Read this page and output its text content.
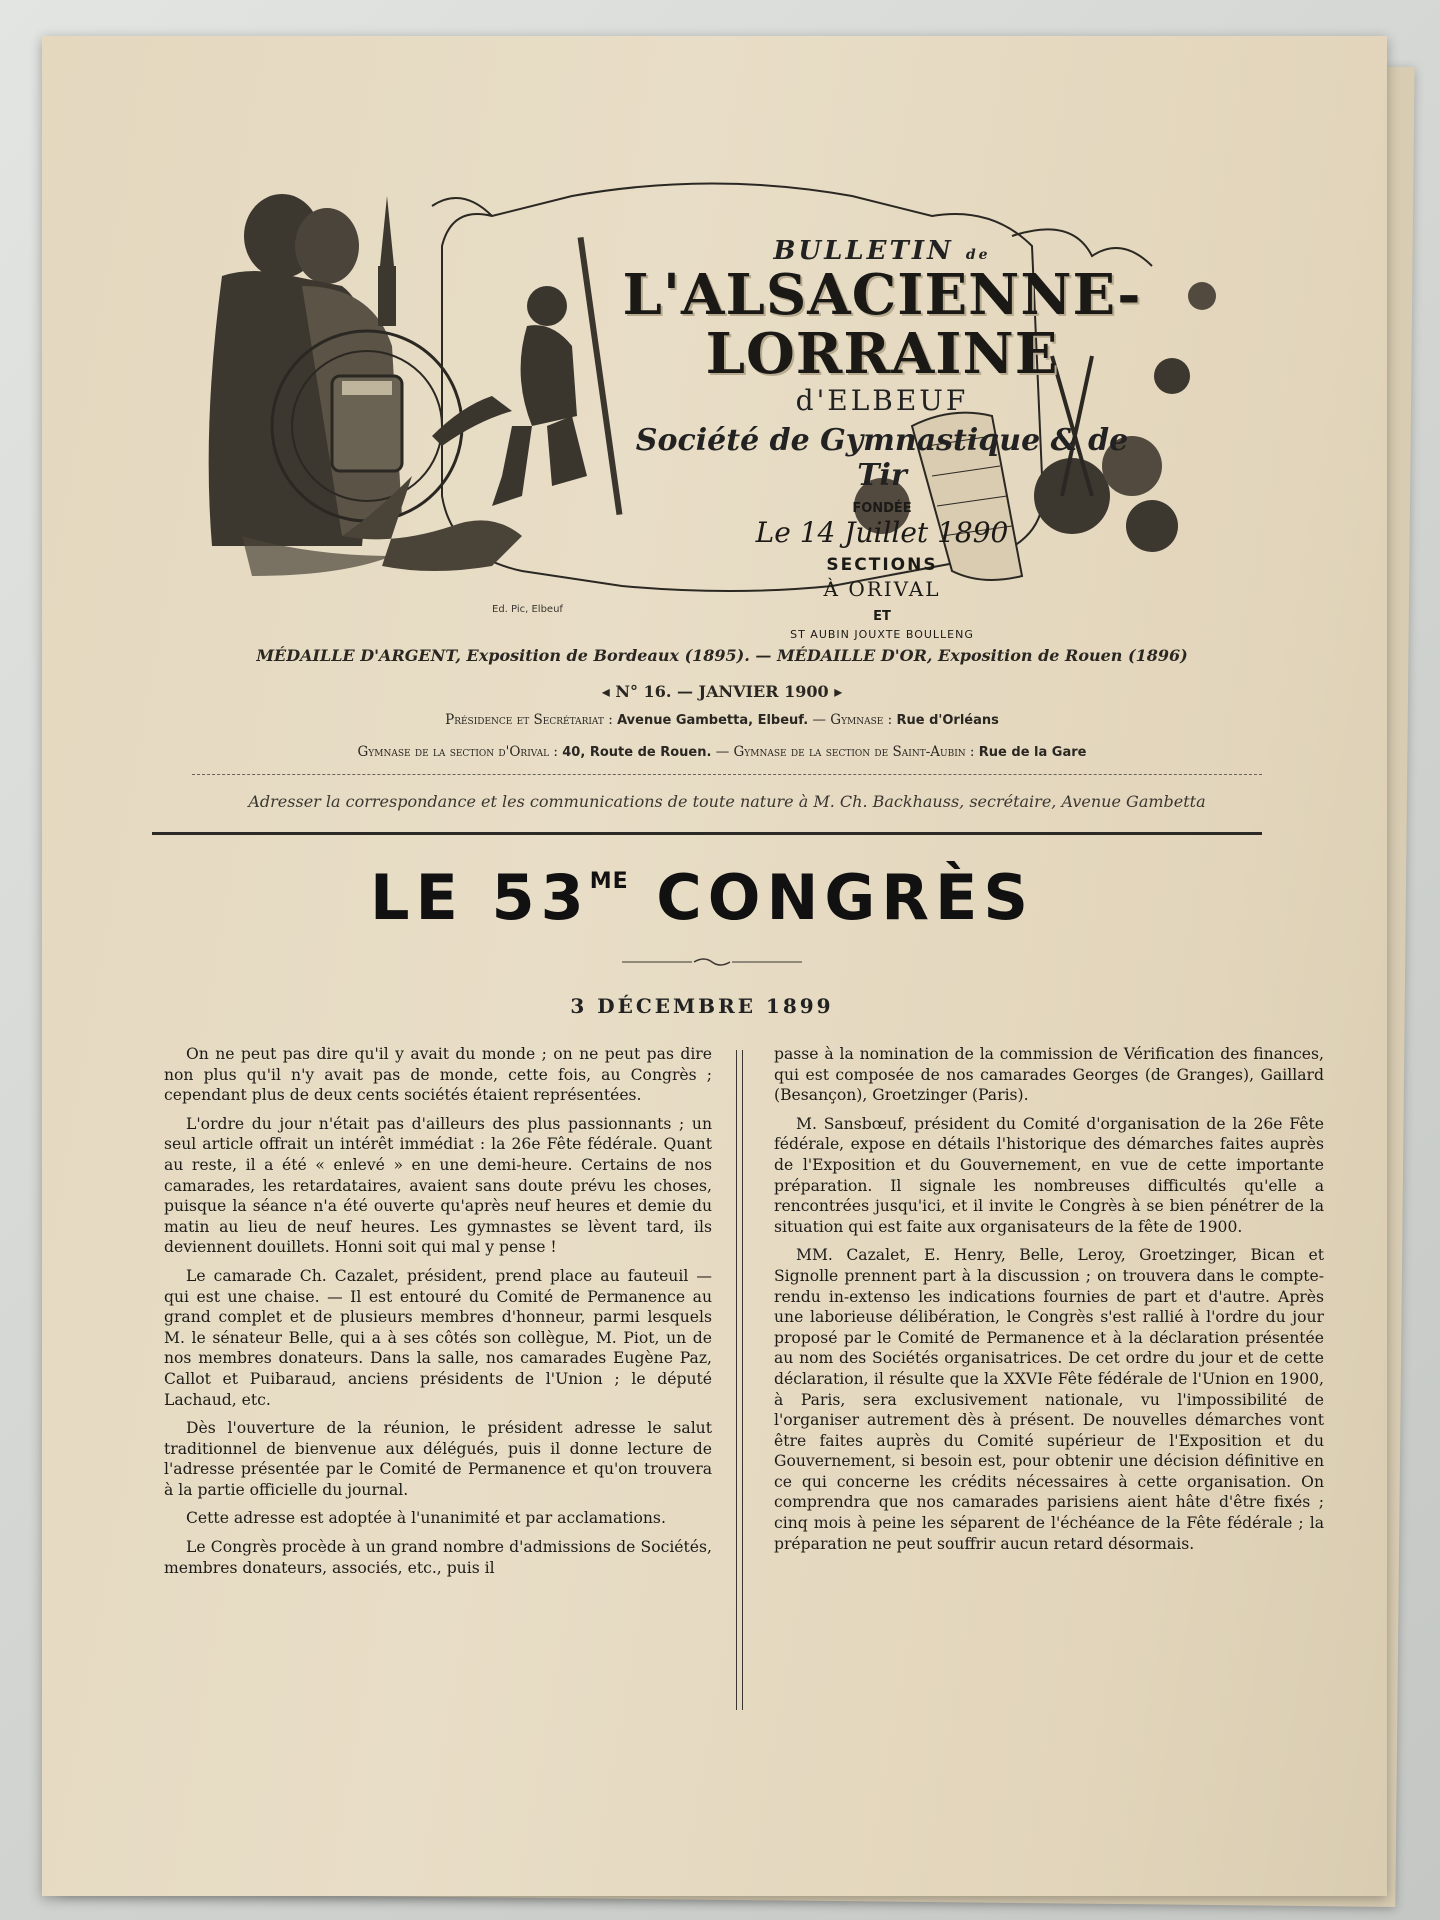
BULLETIN de

L'ALSACIENNE-LORRAINE

d'ELBEUF

Société de Gymnastique & de Tir

FONDÉE

Le 14 Juillet 1890

SECTIONS

À ORIVAL

ET

ST AUBIN JOUXTE BOULLENG

Ed. Pic, Elbeuf
MÉDAILLE D'ARGENT, Exposition de Bordeaux (1895). — MÉDAILLE D'OR, Exposition de Rouen (1896)
◂ N° 16. — JANVIER 1900 ▸
Présidence et Secrétariat : Avenue Gambetta, Elbeuf. — Gymnase : Rue d'Orléans
Gymnase de la section d'Orival : 40, Route de Rouen. — Gymnase de la section de Saint-Aubin : Rue de la Gare
Adresser la correspondance et les communications de toute nature à M. Ch. Backhauss, secrétaire, Avenue Gambetta
LE $53^{ME}$ CONGRÈS
3 DÉCEMBRE 1899

On ne peut pas dire qu'il y avait du monde ; on ne peut pas dire non plus qu'il n'y avait pas de monde, cette fois, au Congrès ; cependant plus de deux cents sociétés étaient représentées.

L'ordre du jour n'était pas d'ailleurs des plus passionnants ; un seul article offrait un intérêt immédiat : la 26e Fête fédérale. Quant au reste, il a été « enlevé » en une demi-heure. Certains de nos camarades, les retardataires, avaient sans doute prévu les choses, puisque la séance n'a été ouverte qu'après neuf heures et demie du matin au lieu de neuf heures. Les gymnastes se lèvent tard, ils deviennent douillets. Honni soit qui mal y pense !

Le camarade Ch. Cazalet, président, prend place au fauteuil — qui est une chaise. — Il est entouré du Comité de Permanence au grand complet et de plusieurs membres d'honneur, parmi lesquels M. le sénateur Belle, qui a à ses côtés son collègue, M. Piot, un de nos membres donateurs. Dans la salle, nos camarades Eugène Paz, Callot et Puibaraud, anciens présidents de l'Union ; le député Lachaud, etc.

Dès l'ouverture de la réunion, le président adresse le salut traditionnel de bienvenue aux délégués, puis il donne lecture de l'adresse présentée par le Comité de Permanence et qu'on trouvera à la partie officielle du journal.

Cette adresse est adoptée à l'unanimité et par acclamations.

Le Congrès procède à un grand nombre d'admissions de Sociétés, membres donateurs, associés, etc., puis il

passe à la nomination de la commission de Vérification des finances, qui est composée de nos camarades Georges (de Granges), Gaillard (Besançon), Groetzinger (Paris).

M. Sansbœuf, président du Comité d'organisation de la 26e Fête fédérale, expose en détails l'historique des démarches faites auprès de l'Exposition et du Gouvernement, en vue de cette importante préparation. Il signale les nombreuses difficultés qu'elle a rencontrées jusqu'ici, et il invite le Congrès à se bien pénétrer de la situation qui est faite aux organisateurs de la fête de 1900.

MM. Cazalet, E. Henry, Belle, Leroy, Groetzinger, Bican et Signolle prennent part à la discussion ; on trouvera dans le compte-rendu in-extenso les indications fournies de part et d'autre. Après une laborieuse délibération, le Congrès s'est rallié à l'ordre du jour proposé par le Comité de Permanence et à la déclaration présentée au nom des Sociétés organisatrices. De cet ordre du jour et de cette déclaration, il résulte que la XXVIe Fête fédérale de l'Union en 1900, à Paris, sera exclusivement nationale, vu l'impossibilité de l'organiser autrement dès à présent. De nouvelles démarches vont être faites auprès du Comité supérieur de l'Exposition et du Gouvernement, si besoin est, pour obtenir une décision définitive en ce qui concerne les crédits nécessaires à cette organisation. On comprendra que nos camarades parisiens aient hâte d'être fixés ; cinq mois à peine les séparent de l'échéance de la Fête fédérale ; la préparation ne peut souffrir aucun retard désormais.
